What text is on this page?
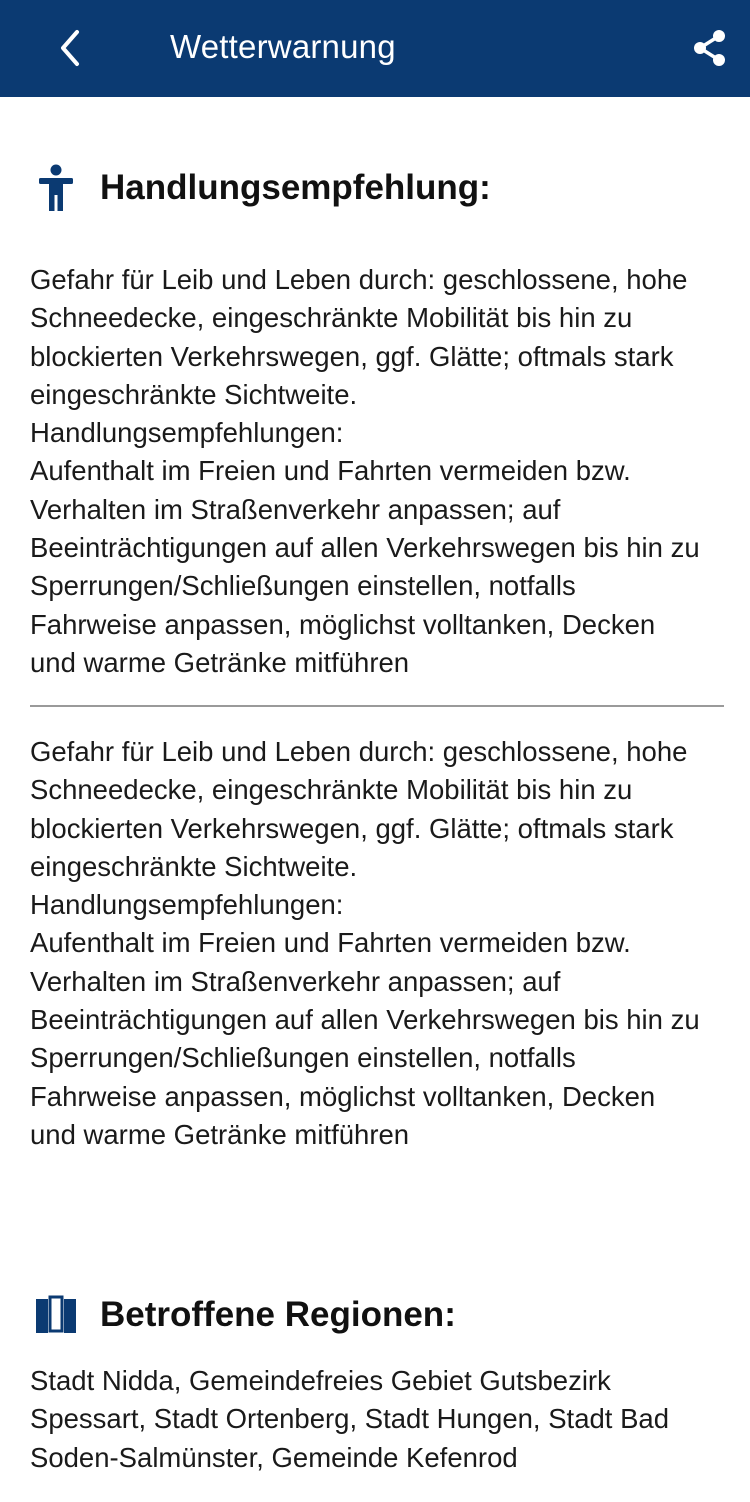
Wetterwarnung
Handlungsempfehlung:
Gefahr für Leib und Leben durch: geschlossene, hohe
Schneedecke, eingeschränkte Mobilität bis hin zu
blockierten Verkehrswegen, ggf. Glätte; oftmals stark
eingeschränkte Sichtweite.
Handlungsempfehlungen:
Aufenthalt im Freien und Fahrten vermeiden bzw.
Verhalten im Straßenverkehr anpassen; auf
Beeinträchtigungen auf allen Verkehrswegen bis hin zu
Sperrungen/Schließungen einstellen, notfalls
Fahrweise anpassen, möglichst volltanken, Decken
und warme Getränke mitführen
Gefahr für Leib und Leben durch: geschlossene, hohe
Schneedecke, eingeschränkte Mobilität bis hin zu
blockierten Verkehrswegen, ggf. Glätte; oftmals stark
eingeschränkte Sichtweite.
Handlungsempfehlungen:
Aufenthalt im Freien und Fahrten vermeiden bzw.
Verhalten im Straßenverkehr anpassen; auf
Beeinträchtigungen auf allen Verkehrswegen bis hin zu
Sperrungen/Schließungen einstellen, notfalls
Fahrweise anpassen, möglichst volltanken, Decken
und warme Getränke mitführen
Betroffene Regionen:
Stadt Nidda, Gemeindefreies Gebiet Gutsbezirk
Spessart, Stadt Ortenberg, Stadt Hungen, Stadt Bad
Soden-Salmünster, Gemeinde Kefenrod
